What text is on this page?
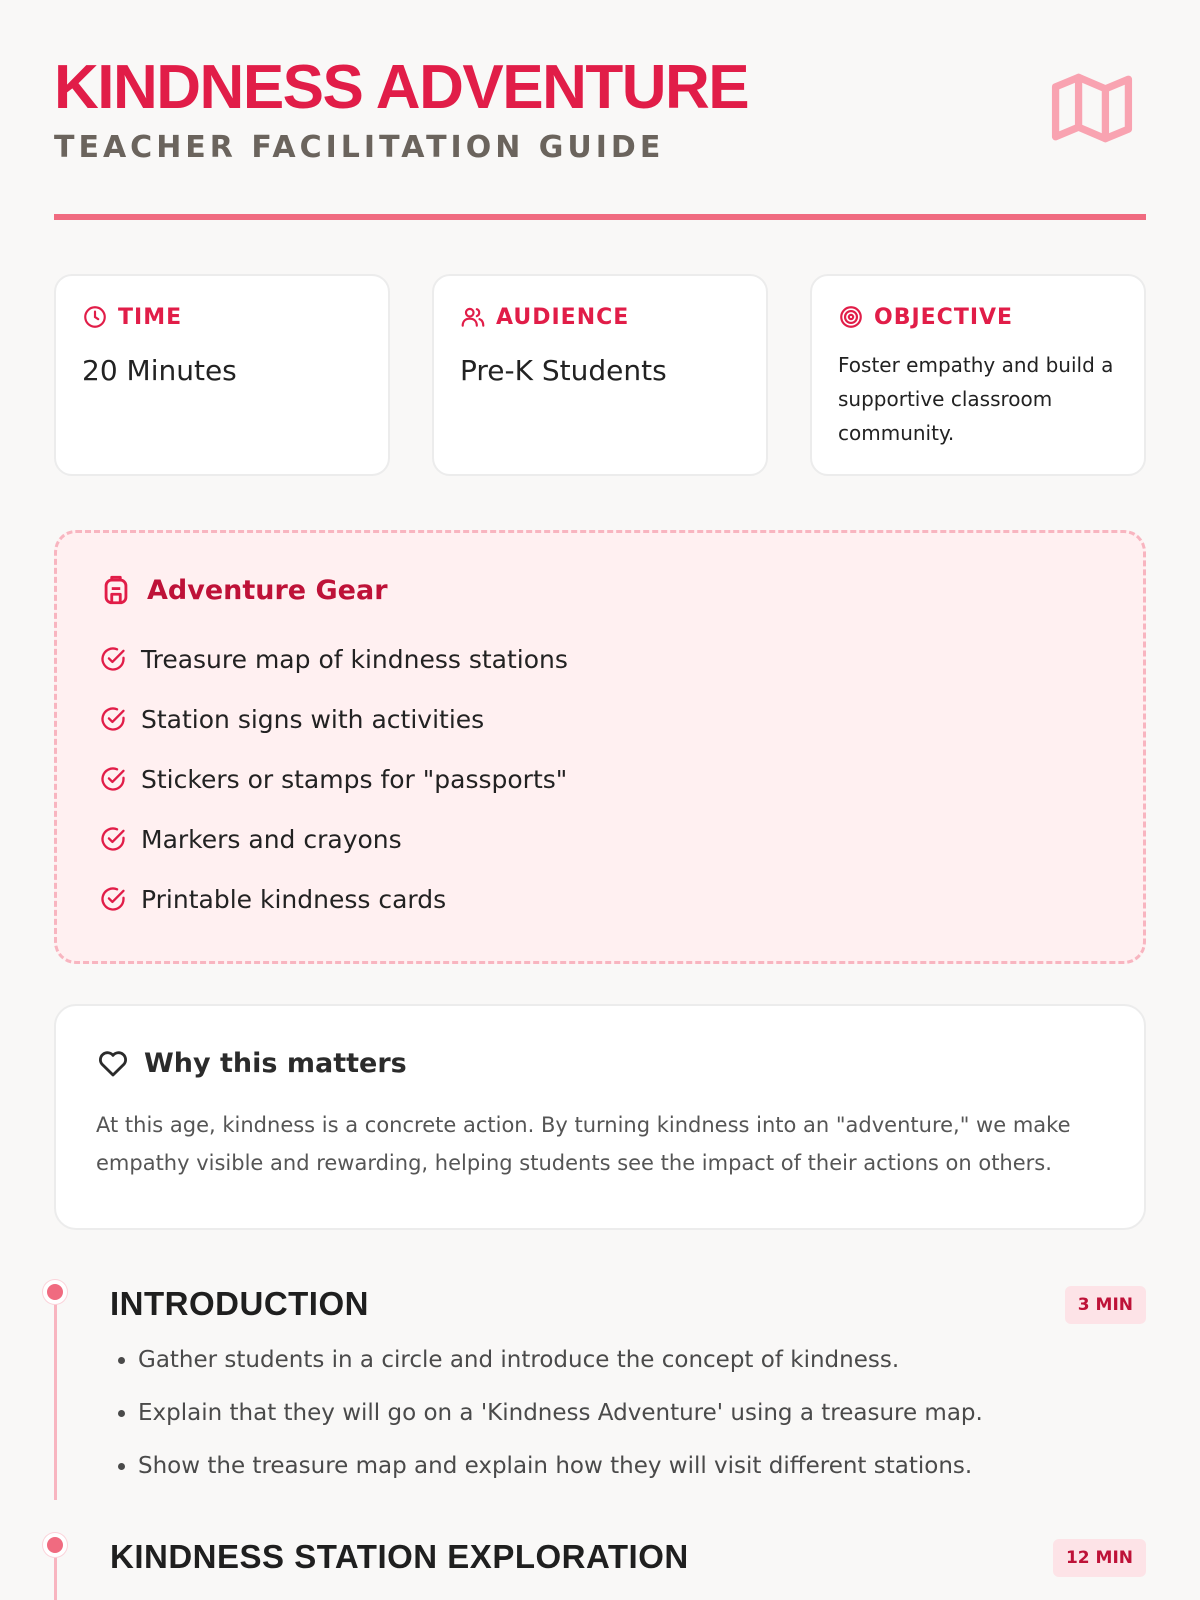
KINDNESS ADVENTURE
TEACHER FACILITATION GUIDE
TIME
20 Minutes
AUDIENCE
Pre-K Students
OBJECTIVE
Foster empathy and build a supportive classroom community.
Adventure Gear
Treasure map of kindness stations
Station signs with activities
Stickers or stamps for "passports"
Markers and crayons
Printable kindness cards
Why this matters

At this age, kindness is a concrete action. By turning kindness into an "adventure," we make empathy visible and rewarding, helping students see the impact of their actions on others.

INTRODUCTION	3 MIN
• Gather students in a circle and introduce the concept of kindness.
• Explain that they will go on a 'Kindness Adventure' using a treasure map.
• Show the treasure map and explain how they will visit different stations.
KINDNESS STATION EXPLORATION	12 MIN
